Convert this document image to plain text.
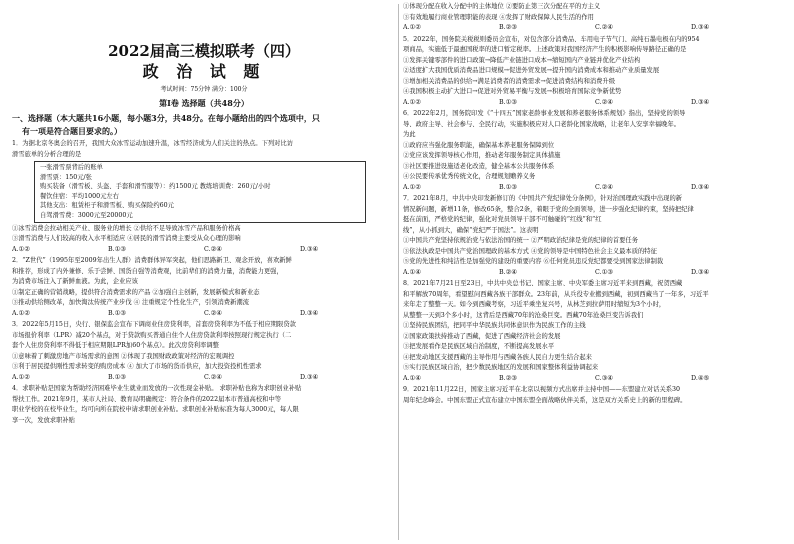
2022届高三模拟联考（四）
政 治 试 题
考试时间：75分钟 满分：100分
第Ⅰ卷 选择题（共48分）
一、选择题（本大题共16小题，每小题3分，共48分。在每小题给出的四个选项中，只
有一项是符合题目要求的。）
1．为据北京冬奥会的召开，我国大众冰雪运动加速升温，冰雪经济成为人们关注的热点。下列对比访
滑雪旅单的分析合理的是
一张滑雪票背后的账单
滑雪票：150元/张
购买装备（滑雪板、头盔、手套和滑雪服等）：约1500元 教练培训费：260元/小时
餐饮住宿：平均1000元左右
其他支出：租赁柜子和滑雪板、购买保险约60元
自驾滑雪费：3000元至20000元
①冰雪消费会拉动相关产业、服务业的增长 ②供给不足导致冰雪产品和服务价格高
③滑雪消费与人们较高的收入水平相适应 ④居民的滑雪消费主要受从众心理的影响
A.①②	B.①③	C.②④	D.③④
2．“Z世代”（1995年至2009年出生人群）消费群体异军突起，他们思路新卫、观念开放，喜欢新鲜
和推荐，形成了内外兼修、乐于尝鲜、国货自强等消费观，比前辈们的消费力量，消费能力更强，
为消费市场注入了新鲜血液。为此，企业应该
①制定正确的营销战略，提供符合消费需求的产品 ②加强自主创新，发展新模式和新业态
③推动供给侧改革，加快淘汰传统产业步伐 ④ 注重规定个性化生产，引领消费新潮流
A.①②	B.①③	C.②④	D.③④
3．2022年5月15日，央行、银保监会宣布下调商业住房贷利率，首套房贷利率为不低于相应期限贷款
市场报价利率（LPR）减20个基点，对于贷款购买普通自住个人住房贷款利率按照现行规定执行（二
套个人住房贷利率不得低于相应期限LPR加60个基点）。此次房贷利率调整
①意味着了刺激房地产市场需求的意图 ②体现了我国财政政策对经济的宏观调控
③利于居民提供刚性需求转变的购房成本 ④ 加大了市场的货币供应，加大投资投机性需求
A.①②	B.①③	C.②④	D.③④
4．求职补贴是国家为帮助经济困难毕业生就业而发放的一次性现金补贴。 求职补贴也称为求职创业补贴
帮扶工作。2021年9月，某市人社局、教育局明确规定：符合条件的2022届本市普通高校和中等
职业学校的在校毕业生，均可向所在院校申请求职创业补贴。求职创业补贴标准为每人3000元，每人限
享一次，发放求职补贴
①体现分配在收入分配中的主体地位 ②要防止第三次分配在平的方主义
③有效地履行商业管理职能的表现 ④发挥了财政保障人民生活的作用
A.①②	B.②③	C.②④	D.③④
5．2022年，国务院关税税则委员会宣布，对包含部分消费品、车用电子节气门、高纯石墨电极在内的954
项商品，实施低于最惠国税率的进口暂定税率。上述政策对我国经济产生的积极影响传导路径正确的是
①发挥关键零部件的进口政策→降低产业链进口成本→缩短国内产业链并优化产业结构
②适度扩大我国优质消费品进口规模→促进外贸发展→提升国内消费成本和推动产业质量发展
③增加相关消费品的供给→满足消费者的消费需求→促进消费结构和消费升级
④我国积极主动扩大进口→促进对外贸易平衡与发展→积极培育国际竞争新优势
A.①②	B.①③	C.②④	D.③④
6．2022年2月，国务院印发《“十四五”国家老龄事业发展和养老服务体系规划》指出，坚持党的领导
导、政府主导、社会参与、全民行动，实施积极应对人口老龄化国家战略，让老年人安享幸福晚年。
为此
①政府应当强化服务职能，确保基本养老服务保障到位
②党应该发挥领导核心作用，推动老年服务制定具体措施
③社区要推进设施适老化改造，健全基本公共服务体系
④公民要传承优秀传统文化，合理规划赡养义务
A.①②	B.①③	C.②④	D.③④
7．2021年8月，中共中央印发新修订的《中国共产党纪律处分条例》，针对治国理政实践中出现的新
情况新问题，新增11条，修改65条，整合2条，着眼于党的全面领导，进一步强化纪律约束，坚持把纪律
挺在前面，严格党的纪律，强化对党员领导干部不可触碰的“红线”和“红
线”，从小抓到大，确保“党纪严于国法”。这表明
①中国共产党坚持依规治党与依法治国的统一 ②严明政治纪律是党的纪律的首要任务
③依法执政是中国共产党治国理政的基本方式 ④党的领导是中国特色社会主义最本质的特征
⑤党的先进性和纯洁性是加强党的建设的重要内容 ⑥任何党员违反党纪都要受到国家法律制裁
A.①④	B.②④	C.①③	D.③④
8．2021年7月21日至23日，中共中央总书记、国家主席、中央军委主席习近平来到西藏，祝贺西藏
和平解放70周年，看望慰问西藏各族干部群众。23年前，从兵役专业搬到西藏，初到西藏当了一年多，习近平
来年走了整整一天。如今到西藏考察，习近平乘坐复兴号，从林芝到拉萨用时缩短为3个小时，
从整整一天到3个多小时，这背后是西藏70年的沧桑巨变。西藏70年沧桑巨变告诉我们
①坚持民族团结，把同平中华民族共同体意识作为民族工作的主线
②国家政策扶持推动了西藏，促进了西藏经济社会的发展
③把发展看作是民族区域自治制度，不断提高发展水平
④把发动地区支援西藏的主导作用与西藏各族人民自力更生结合起来
⑤实行民族区域自治，把少数民族地区的发展和国家整体利益协调起来
A.①④	B.②③	C.③④	D.④⑤
9．2021年11月22日，国家主席习近平在北京以视频方式出席并主持中国——东盟建立对话关系30
周年纪念峰会。中国东盟正式宣布建立中国东盟全面战略伙伴关系，这是双方关系史上的新的里程碑。
